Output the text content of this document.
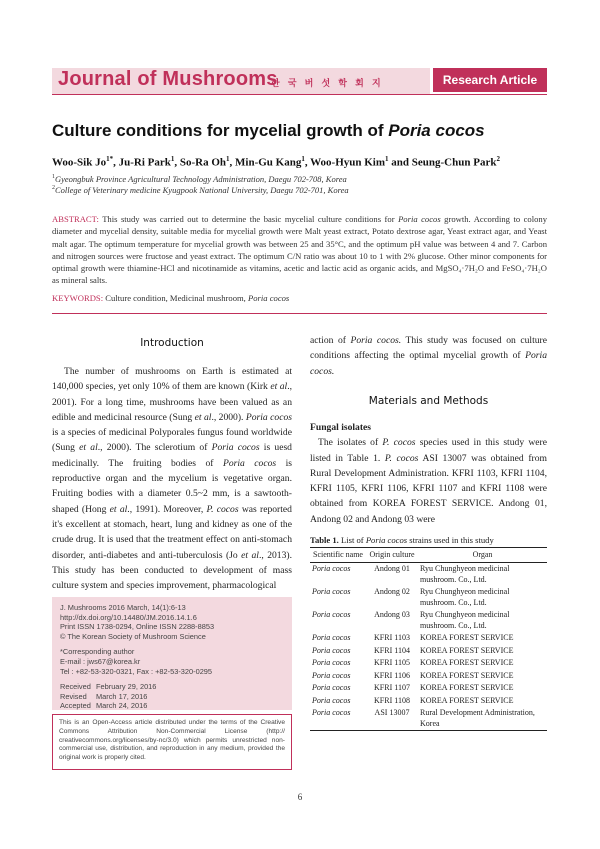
Journal of Mushrooms
한 국 버 섯 학 회 지	Research Article
Culture conditions for mycelial growth of Poria cocos
Woo-Sik $Jo^{1*}$, Ju-Ri Park$^1$, So-Ra Oh$^1$, Min-Gu Kang$^1$, Woo-Hyun Kim$^1$ and Seung-Chun Park$^2$
$^1$Gyeongbuk Province Agricultural Technology Administration, Daegu 702-708, Korea
$^2$College of Veterinary medicine Kyugpook National University, Daegu 702-701, Korea
ABSTRACT: This study was carried out to determine the basic mycelial culture conditions for Poria cocos growth. According to colony diameter and mycelial density, suitable media for mycelial growth were Malt yeast extract, Potato dextrose agar, Yeast extract agar, and Yeast malt agar. The optimum temperature for mycelial growth was between 25 and 35°C, and the optimum pH value was between 4 and 7. Carbon and nitrogen sources were fructose and yeast extract. The optimum C/N ratio was about 10 to 1 with 2% glucose. Other minor components for optimal growth were thiamine-HCl and nicotinamide as vitamins, acetic and lactic acid as organic acids, and MgSO₄·7H₂O and FeSO₄·7H₂O as mineral salts.
KEYWORDS: Culture condition, Medicinal mushroom, Poria cocos
Introduction

The number of mushrooms on Earth is estimated at 140,000 species, yet only 10% of them are known (Kirk et al., 2001). For a long time, mushrooms have been valued as an edible and medicinal resource (Sung et al., 2000). Poria cocos is a species of medicinal Polyporales fungus found worldwide (Sung et al., 2000). The sclerotium of Poria cocos is uesd medicinally. The fruiting bodies of Poria cocos is reproductive organ and the mycelium is vegetative organ. Fruiting bodies with a diameter 0.5~2 mm, is a sawtooth-shaped (Hong et al., 1991). Moreover, P. cocos was reported it's excellent at stomach, heart, lung and kidney as one of the crude drug. It is used that the treatment effect on anti-stomach disorder, anti-diabetes and anti-tuberculosis (Jo et al., 2013). This study has been conducted to development of mass culture system and species improvement, pharmacological

J. Mushrooms 2016 March, 14(1):6-13
http://dx.doi.org/10.14480/JM.2016.14.1.6
Print ISSN 1738-0294, Online ISSN 2288-8853
© The Korean Society of Mushroom Science
*Corresponding author
E-mail : jws67@korea.kr
Tel : +82-53-320-0321, Fax : +82-53-320-0295
Received February 29, 2016
Revised March 17, 2016
Accepted March 24, 2016
This is an Open-Access article distributed under the terms of the Creative Commons Attribution Non-Commercial License (http:// creativecommons.org/licenses/by-nc/3.0) which permits unrestricted non-commercial use, distribution, and reproduction in any medium, provided the original work is properly cited.

action of Poria cocos. This study was focused on culture conditions affecting the optimal mycelial growth of Poria cocos.

Materials and Methods

Fungal isolates

The isolates of P. cocos species used in this study were listed in Table 1. P. cocos ASI 13007 was obtained from Rural Development Administration. KFRI 1103, KFRI 1104, KFRI 1105, KFRI 1106, KFRI 1107 and KFRI 1108 were obtained from KOREA FOREST SERVICE. Andong 01, Andong 02 and Andong 03 were

Table 1. List of Poria cocos strains used in this study
Scientific name	Origin culture	Organ
Poria cocos	Andong 01	Ryu Chunghyeon medicinal mushroom. Co., Ltd.
Poria cocos	Andong 02	Ryu Chunghyeon medicinal mushroom. Co., Ltd.
Poria cocos	Andong 03	Ryu Chunghyeon medicinal mushroom. Co., Ltd.
Poria cocos	KFRI 1103	KOREA FOREST SERVICE
Poria cocos	KFRI 1104	KOREA FOREST SERVICE
Poria cocos	KFRI 1105	KOREA FOREST SERVICE
Poria cocos	KFRI 1106	KOREA FOREST SERVICE
Poria cocos	KFRI 1107	KOREA FOREST SERVICE
Poria cocos	KFRI 1108	KOREA FOREST SERVICE
Poria cocos	ASI 13007	Rural Development Administration, Korea
6
